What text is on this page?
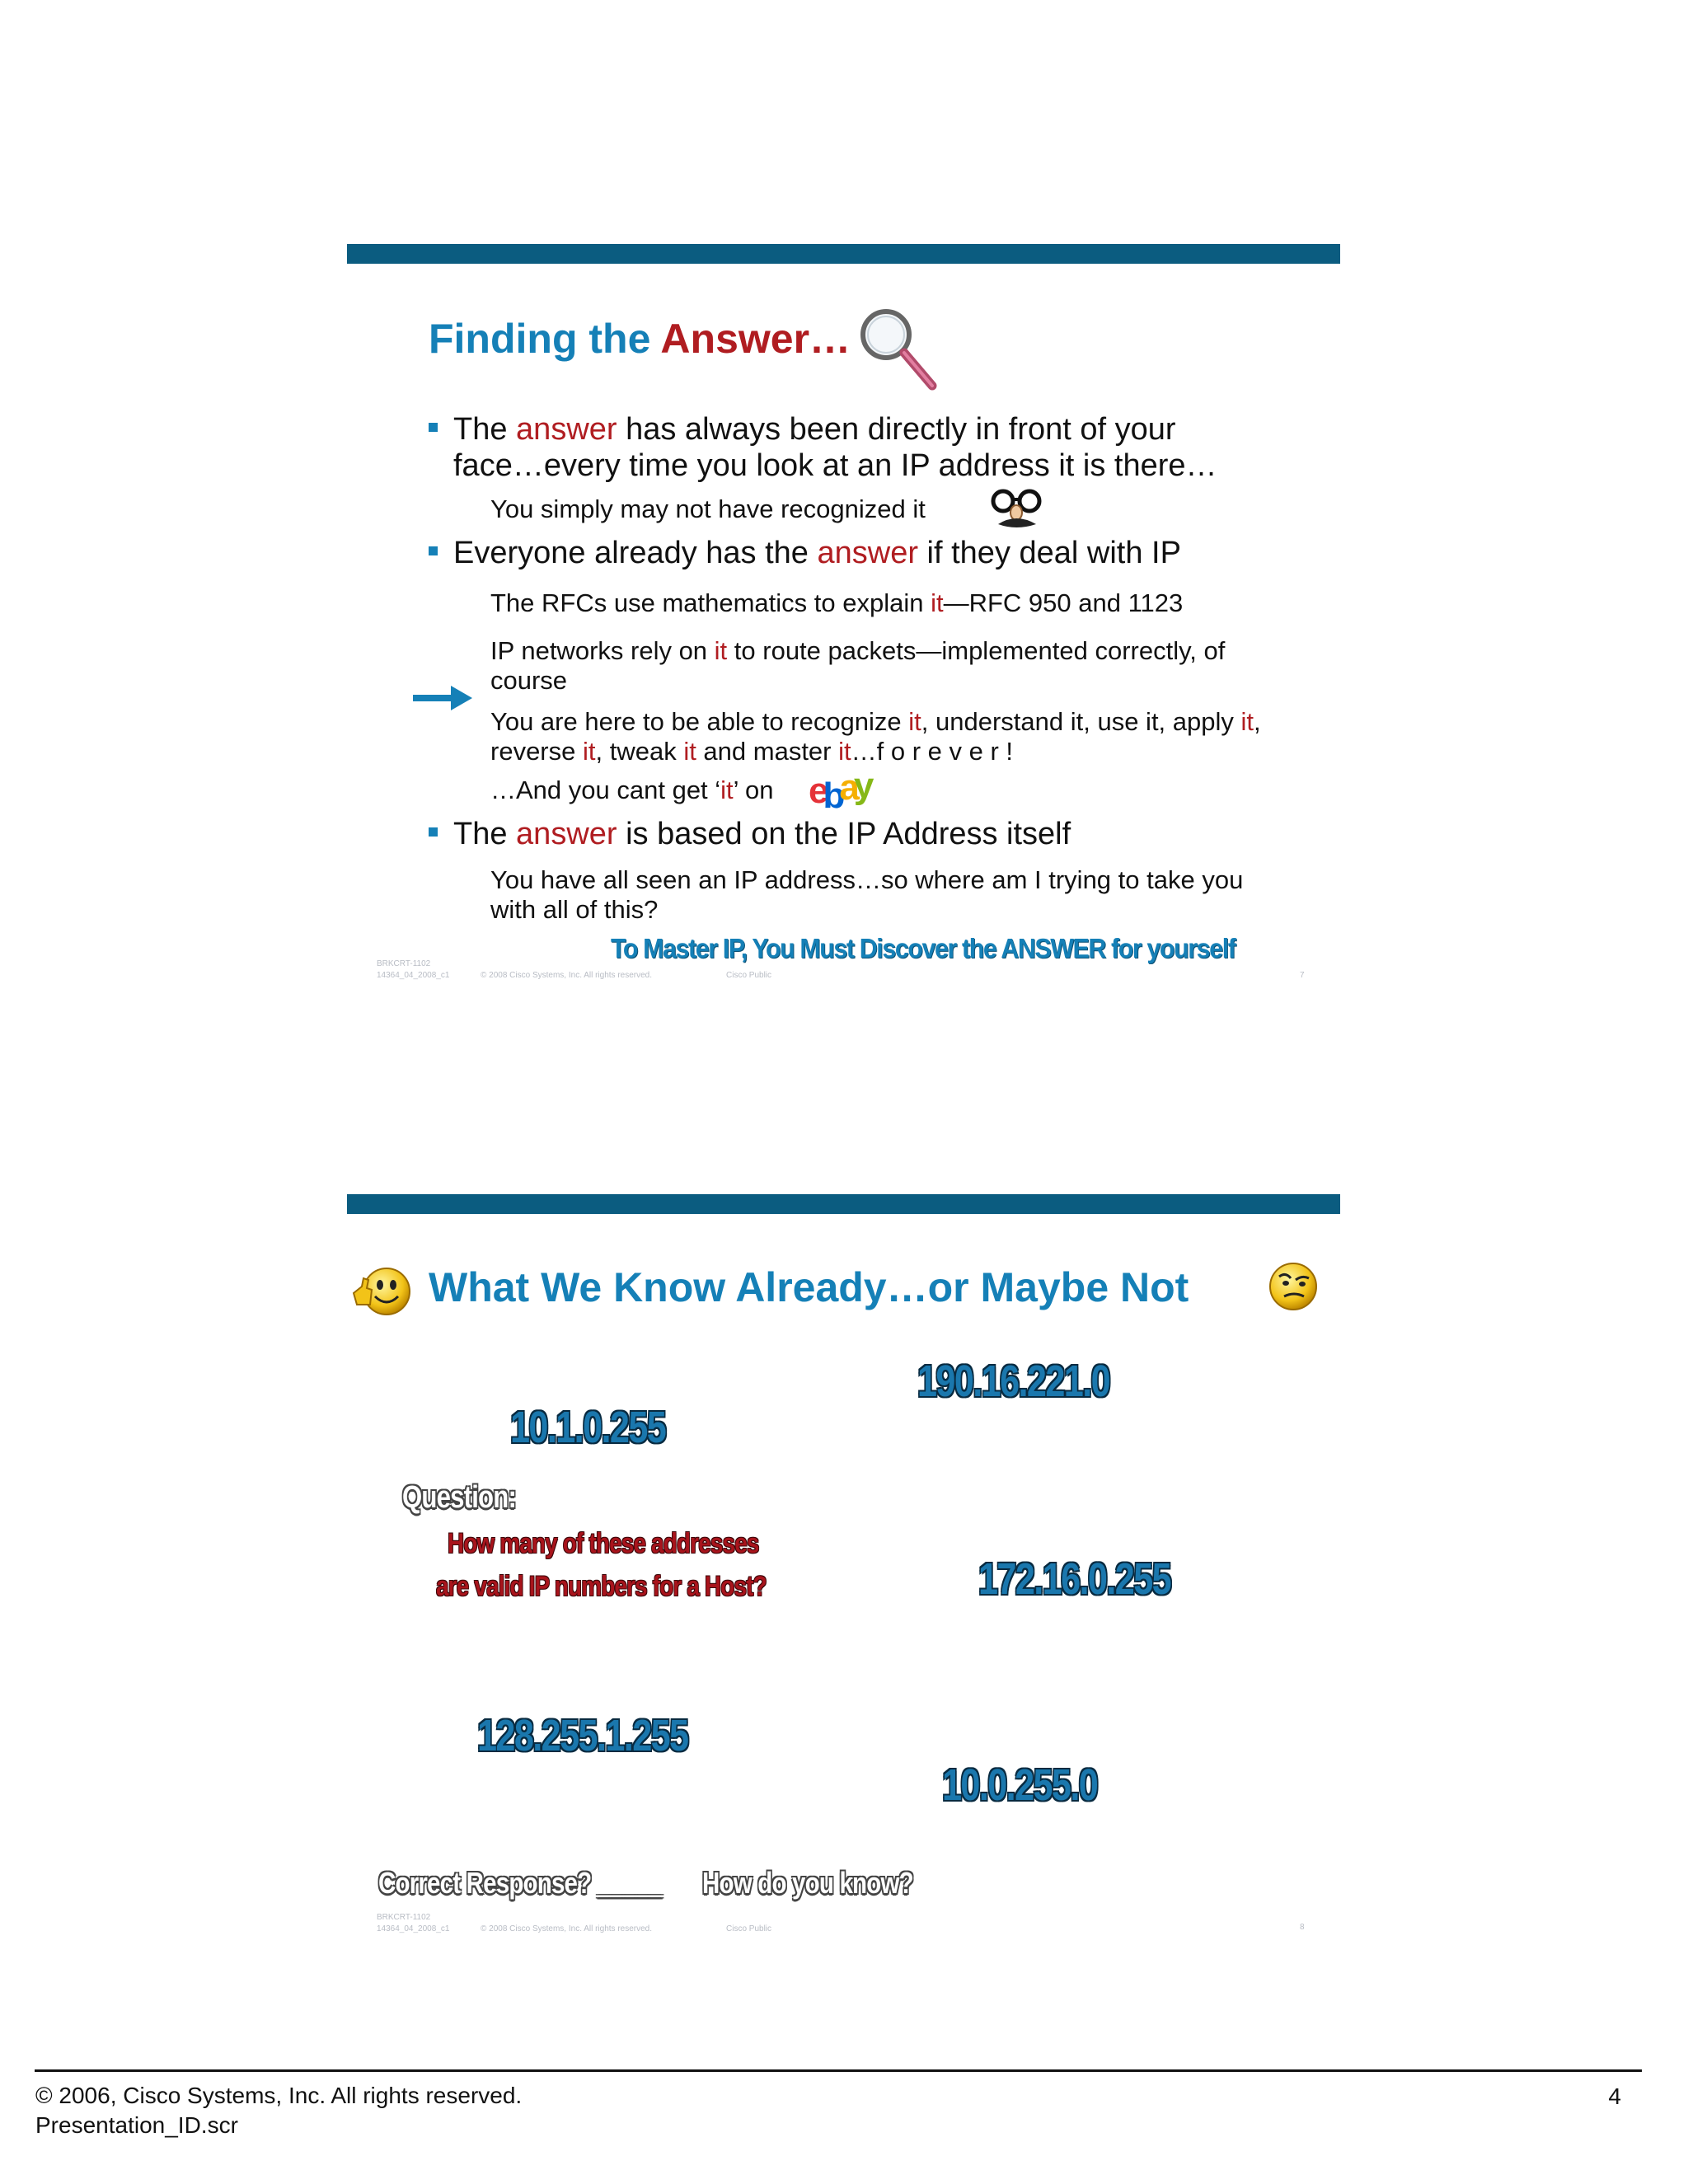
Finding the Answer…
The answer has always been directly in front of your face…every time you look at an IP address it is there…
You simply may not have recognized it
Everyone already has the answer if they deal with IP
The RFCs use mathematics to explain it—RFC 950 and 1123
IP networks rely on it to route packets—implemented correctly, of course
You are here to be able to recognize it, understand it, use it, apply it, reverse it, tweak it and master it…f o r e v e r !
…And you cant get ‘it’ on ebay
The answer is based on the IP Address itself
You have all seen an IP address…so where am I trying to take you with all of this?
To Master IP, You Must Discover the ANSWER for yourself
BRKCRT-1102
14364_04_2008_c1	© 2008 Cisco Systems, Inc. All rights reserved.	Cisco Public	7
What We Know Already…or Maybe Not
190.16.221.0
10.1.0.255
Question:
How many of these addresses
are valid IP numbers for a Host?	172.16.0.255
128.255.1.255
10.0.255.0
Correct Response? _____ How do you know?
BRKCRT-1102
14364_04_2008_c1	© 2008 Cisco Systems, Inc. All rights reserved.	Cisco Public	8
© 2006, Cisco Systems, Inc. All rights reserved.
Presentation_ID.scr
4
